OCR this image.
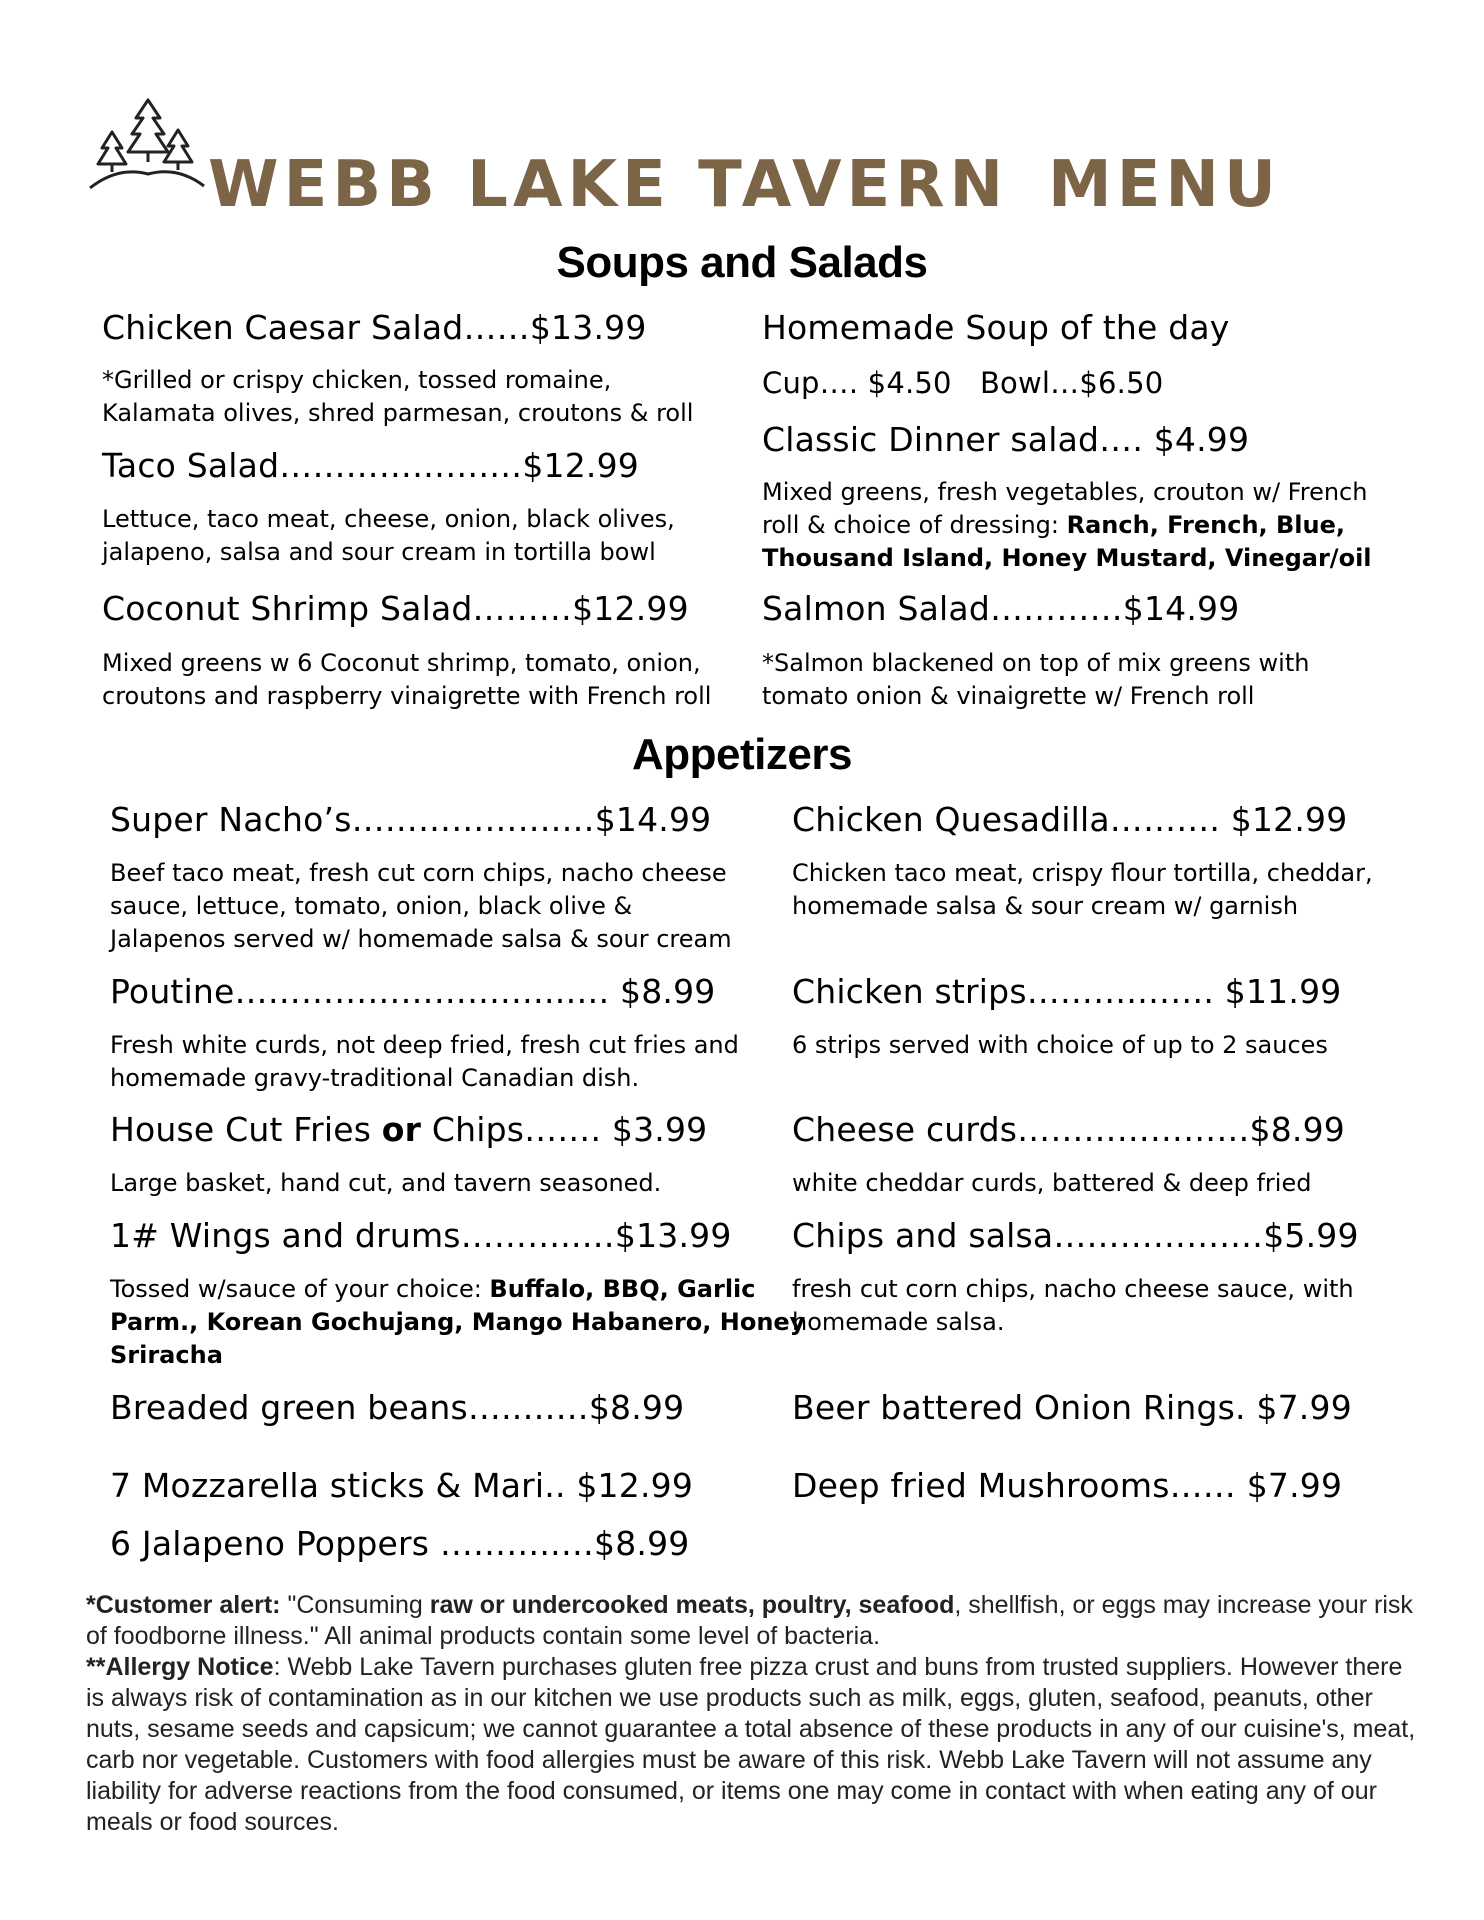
WEBB LAKE TAVERN MENU
Soups and Salads
Chicken Caesar Salad……$13.99
*Grilled or crispy chicken, tossed romaine,
Kalamata olives, shred parmesan, croutons & roll
Taco Salad……………….…$12.99
Lettuce, taco meat, cheese, onion, black olives,
jalapeno, salsa and sour cream in tortilla bowl
Coconut Shrimp Salad………$12.99
Mixed greens w 6 Coconut shrimp, tomato, onion,
croutons and raspberry vinaigrette with French roll
Homemade Soup of the day
Cup…. $4.50   Bowl…$6.50
Classic Dinner salad…. $4.99
Mixed greens, fresh vegetables, crouton w/ French
roll & choice of dressing: Ranch, French, Blue,
Thousand Island, Honey Mustard, Vinegar/oil
Salmon Salad…………$14.99
*Salmon blackened on top of mix greens with
tomato onion & vinaigrette w/ French roll
Appetizers
Super Nacho’s……………….…$14.99
Beef taco meat, fresh cut corn chips, nacho cheese
sauce, lettuce, tomato, onion, black olive &
Jalapenos served w/ homemade salsa & sour cream
Poutine…………………….…..…. $8.99
Fresh white curds, not deep fried, fresh cut fries and
homemade gravy-traditional Canadian dish.
House Cut Fries or Chips……. $3.99
Large basket, hand cut, and tavern seasoned.
1# Wings and drums………..…$13.99
Tossed w/sauce of your choice: Buffalo, BBQ, Garlic
Parm., Korean Gochujang, Mango Habanero, Honey
Sriracha
Breaded green beans…..……$8.99
7 Mozzarella sticks & Mari.. $12.99
6 Jalapeno Poppers ………..…$8.99
Chicken Quesadilla………. $12.99
Chicken taco meat, crispy flour tortilla, cheddar,
homemade salsa & sour cream w/ garnish
Chicken strips……….……. $11.99
6 strips served with choice of up to 2 sauces
Cheese curds…………………$8.99
white cheddar curds, battered & deep fried
Chips and salsa…………….…$5.99
fresh cut corn chips, nacho cheese sauce, with
homemade salsa.
Beer battered Onion Rings. $7.99
Deep fried Mushrooms…… $7.99
*Customer alert: "Consuming raw or undercooked meats, poultry, seafood, shellfish, or eggs may increase your risk of foodborne illness." All animal products contain some level of bacteria.
**Allergy Notice: Webb Lake Tavern purchases gluten free pizza crust and buns from trusted suppliers. However there is always risk of contamination as in our kitchen we use products such as milk, eggs, gluten, seafood, peanuts, other nuts, sesame seeds and capsicum; we cannot guarantee a total absence of these products in any of our cuisine's, meat, carb nor vegetable. Customers with food allergies must be aware of this risk. Webb Lake Tavern will not assume any liability for adverse reactions from the food consumed, or items one may come in contact with when eating any of our meals or food sources.
